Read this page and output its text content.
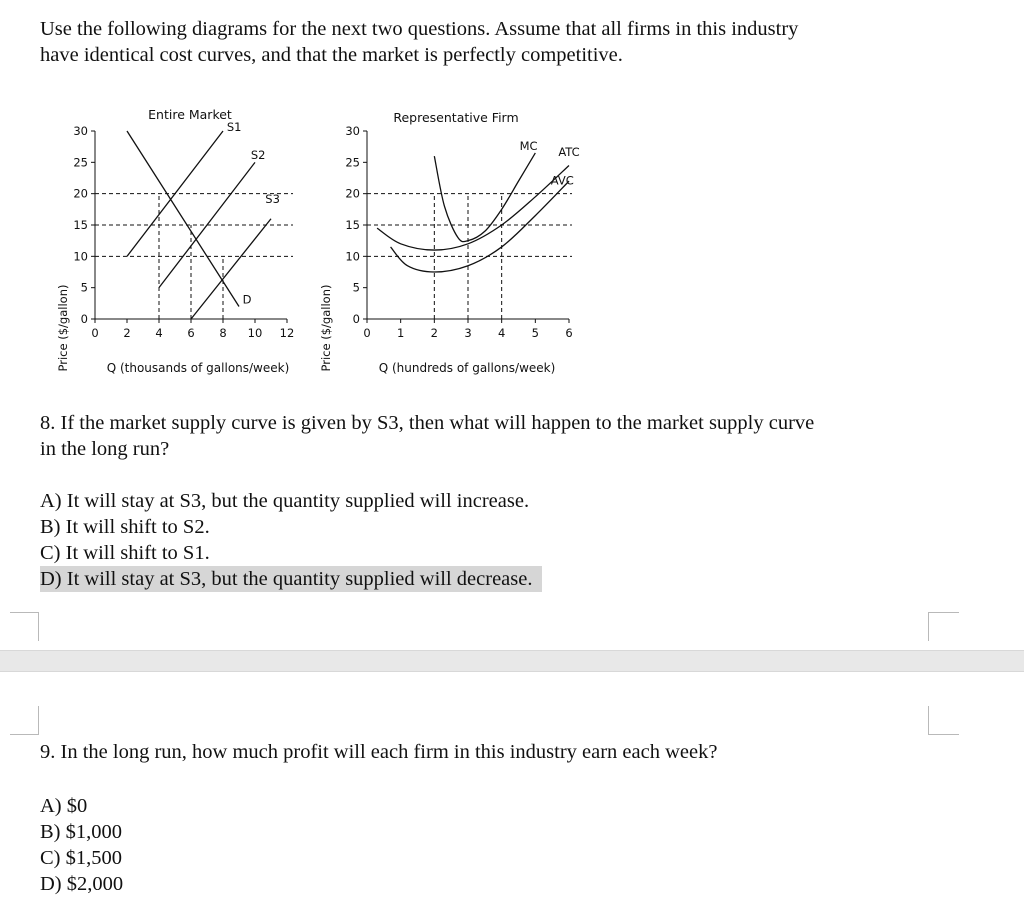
Use the following diagrams for the next two questions. Assume that all firms in this industry
have identical cost curves, and that the market is perfectly competitive.
Entire Market
Price ($/gallon)	Q (thousands of gallons/week)
0
5
10
15
20
25
30
0 2 4 6 8 10 12
S1
S2
S3
D
Representative Firm
Price ($/gallon)	Q (hundreds of gallons/week)
0
5
10
15
20
25
30
0 1 2 3 4 5 6
MC ATC
AVC
8. If the market supply curve is given by S3, then what will happen to the market supply curve
in the long run?
A) It will stay at S3, but the quantity supplied will increase.
B) It will shift to S2.
C) It will shift to S1.
D) It will stay at S3, but the quantity supplied will decrease.
9. In the long run, how much profit will each firm in this industry earn each week?
A) $0
B) $1,000
C) $1,500
D) $2,000
